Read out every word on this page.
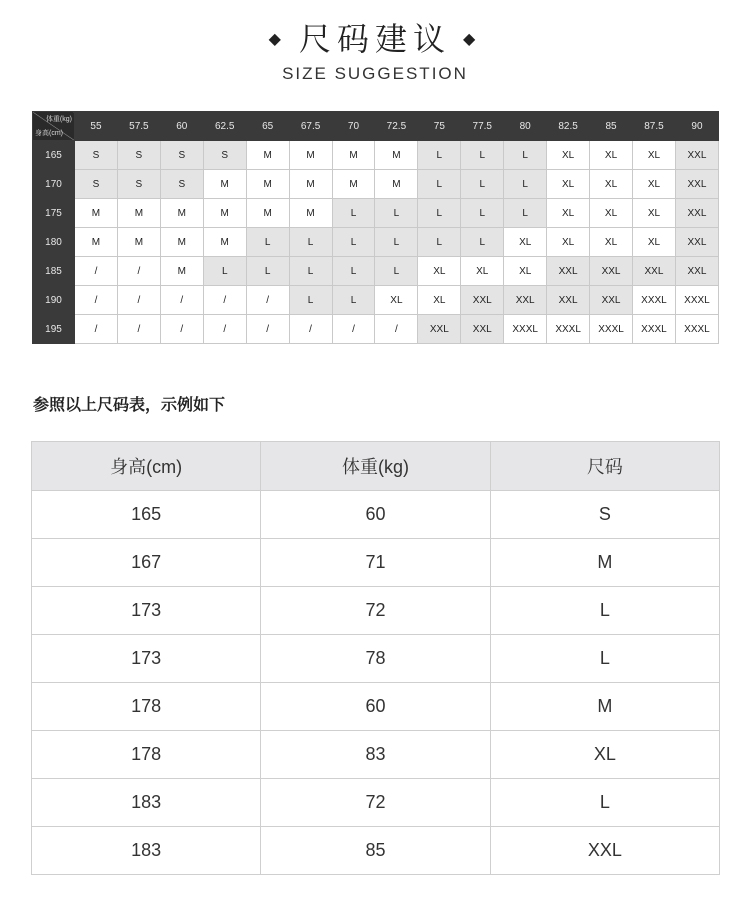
◆ 尺码建议 ◆
SIZE SUGGESTION
体重(kg)
身高(cm)	55	57.5	60	62.5	65	67.5	70	72.5	75	77.5	80	82.5	85	87.5	90
165	S	S	S	S	M	M	M	M	L	L	L	XL	XL	XL	XXL
170	S	S	S	M	M	M	M	M	L	L	L	XL	XL	XL	XXL
175	M	M	M	M	M	M	L	L	L	L	L	XL	XL	XL	XXL
180	M	M	M	M	L	L	L	L	L	L	XL	XL	XL	XL	XXL
185	/	/	M	L	L	L	L	L	XL	XL	XL	XXL	XXL	XXL	XXL
190	/	/	/	/	/	L	L	XL	XL	XXL	XXL	XXL	XXL	XXXL	XXXL
195	/	/	/	/	/	/	/	/	XXL	XXL	XXXL	XXXL	XXXL	XXXL	XXXL
参照以上尺码表，示例如下
身高(cm)	体重(kg)	尺码
165	60	S
167	71	M
173	72	L
173	78	L
178	60	M
178	83	XL
183	72	L
183	85	XXL
